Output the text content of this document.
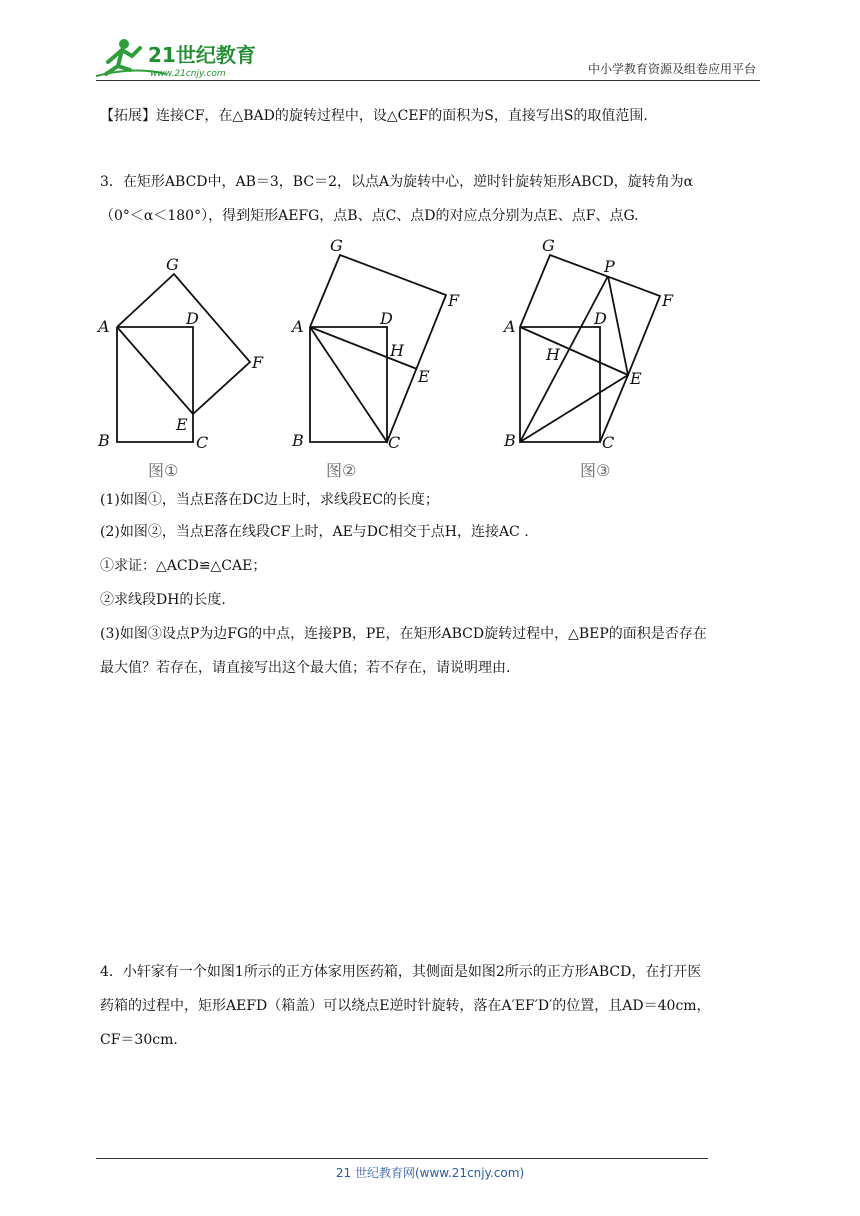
21世纪教育
www.21cnjy.com	中小学教育资源及组卷应用平台
【拓展】连接CF，在△BAD的旋转过程中，设△CEF的面积为S，直接写出S的取值范围.
3．在矩形ABCD中，AB＝3，BC＝2，以点A为旋转中心，逆时针旋转矩形ABCD，旋转角为α
（0°＜α＜180°），得到矩形AEFG，点B、点C、点D的对应点分别为点E、点F、点G.
G
A	D
F
E
B	C
图①
G
F
A	D
H
E
B	C
图②
G
P
F
A	D
H
E
B	C
图③
(1)如图①，当点E落在DC边上时，求线段EC的长度；
(2)如图②，当点E落在线段CF上时，AE与DC相交于点H，连接AC .
①求证：△ACD≌△CAE；
②求线段DH的长度.
(3)如图③设点P为边FG的中点，连接PB，PE，在矩形ABCD旋转过程中，△BEP的面积是否存在
最大值？若存在，请直接写出这个最大值；若不存在，请说明理由.
4．小轩家有一个如图1所示的正方体家用医药箱，其侧面是如图2所示的正方形ABCD，在打开医
药箱的过程中，矩形AEFD（箱盖）可以绕点E逆时针旋转，落在A′EF′D′的位置，且AD＝40cm，
CF＝30cm.
21 世纪教育网(www.21cnjy.com)
